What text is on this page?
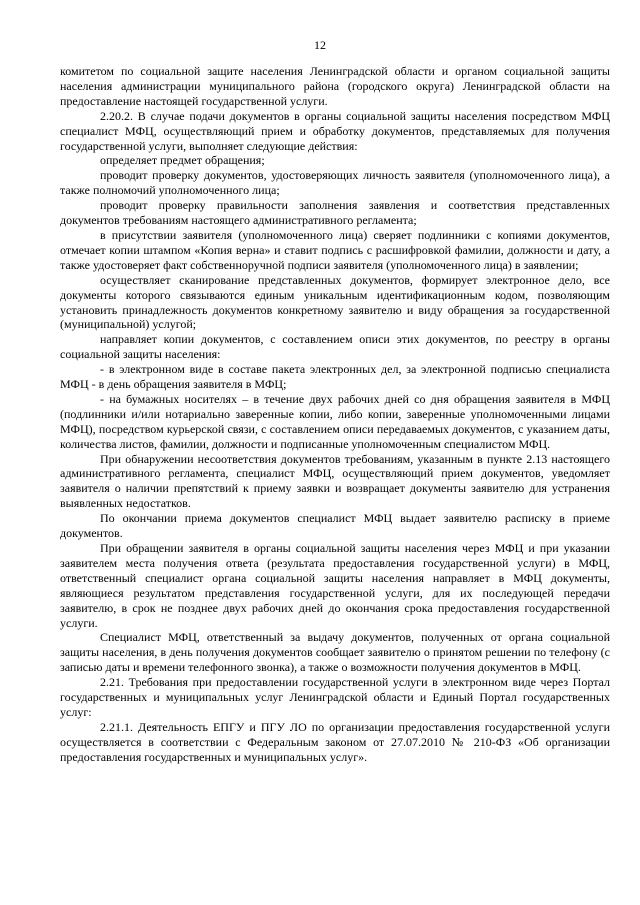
12

комитетом по социальной защите населения Ленинградской области и органом социальной защиты населения администрации муниципального района (городского округа) Ленинградской области на предоставление настоящей государственной услуги.

2.20.2. В случае подачи документов в органы социальной защиты населения посредством МФЦ специалист МФЦ, осуществляющий прием и обработку документов, представляемых для получения государственной услуги, выполняет следующие действия:

определяет предмет обращения;

проводит проверку документов, удостоверяющих личность заявителя (уполномоченного лица), а также полномочий уполномоченного лица;

проводит проверку правильности заполнения заявления и соответствия представленных документов требованиям настоящего административного регламента;

в присутствии заявителя (уполномоченного лица) сверяет подлинники с копиями документов, отмечает копии штампом «Копия верна» и ставит подпись с расшифровкой фамилии, должности и дату, а также удостоверяет факт собственноручной подписи заявителя (уполномоченного лица) в заявлении;

осуществляет сканирование представленных документов, формирует электронное дело, все документы которого связываются единым уникальным идентификационным кодом, позволяющим установить принадлежность документов конкретному заявителю и виду обращения за государственной (муниципальной) услугой;

направляет копии документов, с составлением описи этих документов, по реестру в органы социальной защиты населения:

- в электронном виде в составе пакета электронных дел, за электронной подписью специалиста МФЦ - в день обращения заявителя в МФЦ;

- на бумажных носителях – в течение двух рабочих дней со дня обращения заявителя в МФЦ (подлинники и/или нотариально заверенные копии, либо копии, заверенные уполномоченными лицами МФЦ), посредством курьерской связи, с составлением описи передаваемых документов, с указанием даты, количества листов, фамилии, должности и подписанные уполномоченным специалистом МФЦ.

При обнаружении несоответствия документов требованиям, указанным в пункте 2.13 настоящего административного регламента, специалист МФЦ, осуществляющий прием документов, уведомляет заявителя о наличии препятствий к приему заявки и возвращает документы заявителю для устранения выявленных недостатков.

По окончании приема документов специалист МФЦ выдает заявителю расписку в приеме документов.

При обращении заявителя в органы социальной защиты населения через МФЦ и при указании заявителем места получения ответа (результата предоставления государственной услуги) в МФЦ, ответственный специалист органа социальной защиты населения направляет в МФЦ документы, являющиеся результатом представления государственной услуги, для их последующей передачи заявителю, в срок не позднее двух рабочих дней до окончания срока предоставления государственной услуги.

Специалист МФЦ, ответственный за выдачу документов, полученных от органа социальной защиты населения, в день получения документов сообщает заявителю о принятом решении по телефону (с записью даты и времени телефонного звонка), а также о возможности получения документов в МФЦ.

2.21. Требования при предоставлении государственной услуги в электронном виде через Портал государственных и муниципальных услуг Ленинградской области и Единый Портал государственных услуг:

2.21.1. Деятельность ЕПГУ и ПГУ ЛО по организации предоставления государственной услуги осуществляется в соответствии с Федеральным законом от 27.07.2010 № 210-ФЗ «Об организации предоставления государственных и муниципальных услуг».
